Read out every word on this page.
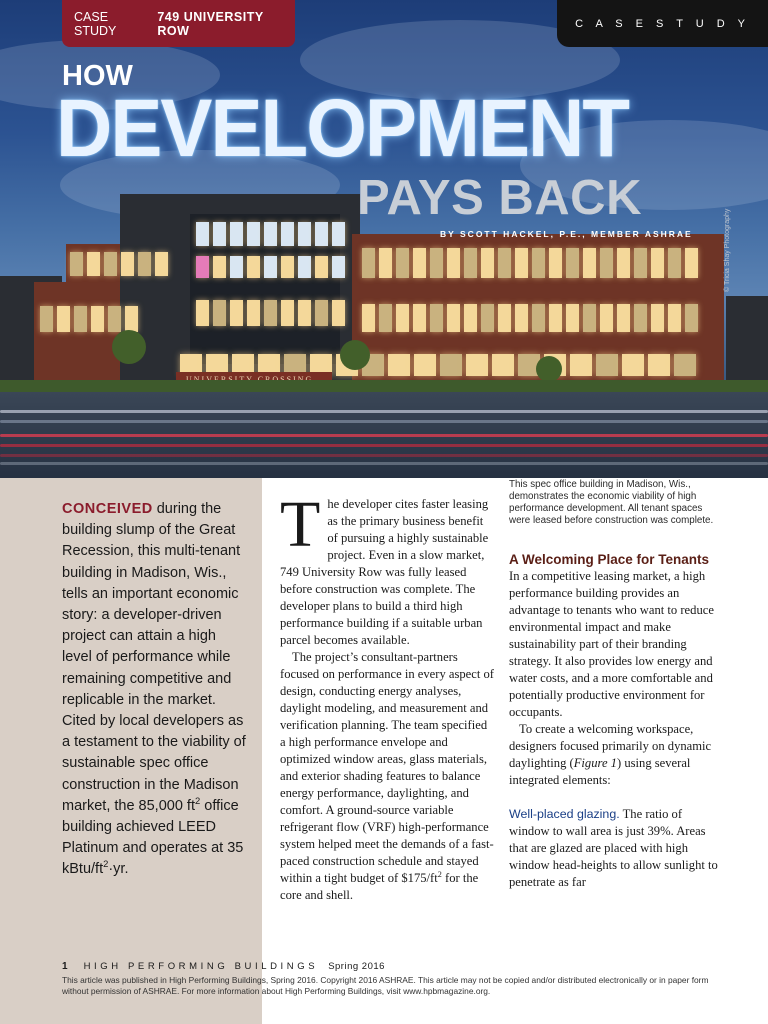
CASE STUDY
749 UNIVERSITY ROW	C A S E S T U D Y
HOW
DEVELOPMENT
PAYS BACK
BY SCOTT HACKEL, P.E., MEMBER ASHRAE	© Tricia Shay Photography
CONCEIVED during the building slump of the Great Recession, this multi-tenant building in Madison, Wis., tells an important economic story: a developer-driven project can attain a high level of performance while remaining competitive and replicable in the market. Cited by local developers as a testament to the viability of sustainable spec office construction in the Madison market, the 85,000 $ft^2$ office building achieved LEED Platinum and operates at 35 kBtu/$ft^2\cdot yr$.

The developer cites faster leasing as the primary business benefit of pursuing a highly sustainable project. Even in a slow market, 749 University Row was fully leased before construction was complete. The developer plans to build a third high performance building if a suitable urban parcel becomes available.

The project’s consultant-partners focused on performance in every aspect of design, conducting energy analyses, daylight modeling, and measurement and verification planning. The team specified a high performance envelope and optimized window areas, glass materials, and exterior shading features to balance energy performance, daylighting, and comfort. A ground-source variable refrigerant flow (VRF) high-performance system helped meet the demands of a fast-paced construction schedule and stayed within a tight budget of $\$175/ft^2$ for the core and shell.

This spec office building in Madison, Wis., demonstrates the economic viability of high performance development. All tenant spaces were leased before construction was complete.
A Welcoming Place for Tenants

In a competitive leasing market, a high performance building provides an advantage to tenants who want to reduce environmental impact and make sustainability part of their branding strategy. It also provides low energy and water costs, and a more comfortable and potentially productive environment for occupants.

To create a welcoming workspace, designers focused primarily on dynamic daylighting (Figure 1) using several integrated elements:

Well-placed glazing. The ratio of window to wall area is just 39%. Areas that are glazed are placed with high window head-heights to allow sunlight to penetrate as far

1 HIGH PERFORMING BUILDINGS Spring 2016
This article was published in High Performing Buildings, Spring 2016. Copyright 2016 ASHRAE. This article may not be copied and/or distributed electronically or in paper form without permission of ASHRAE. For more information about High Performing Buildings, visit www.hpbmagazine.org.
